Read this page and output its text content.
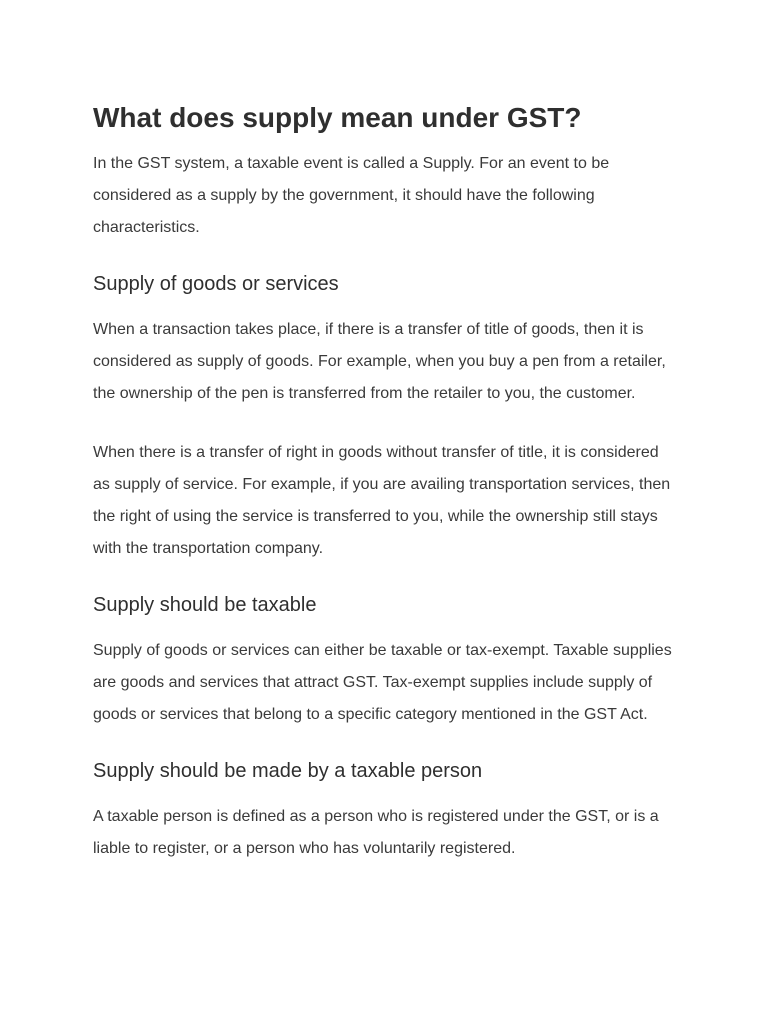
What does supply mean under GST?

In the GST system, a taxable event is called a Supply. For an event to be considered as a supply by the government, it should have the following characteristics.

Supply of goods or services

When a transaction takes place, if there is a transfer of title of goods, then it is considered as supply of goods. For example, when you buy a pen from a retailer, the ownership of the pen is transferred from the retailer to you, the customer.

When there is a transfer of right in goods without transfer of title, it is considered as supply of service. For example, if you are availing transportation services, then the right of using the service is transferred to you, while the ownership still stays with the transportation company.

Supply should be taxable

Supply of goods or services can either be taxable or tax-exempt. Taxable supplies are goods and services that attract GST. Tax-exempt supplies include supply of goods or services that belong to a specific category mentioned in the GST Act.

Supply should be made by a taxable person

A taxable person is defined as a person who is registered under the GST, or is a liable to register, or a person who has voluntarily registered.
